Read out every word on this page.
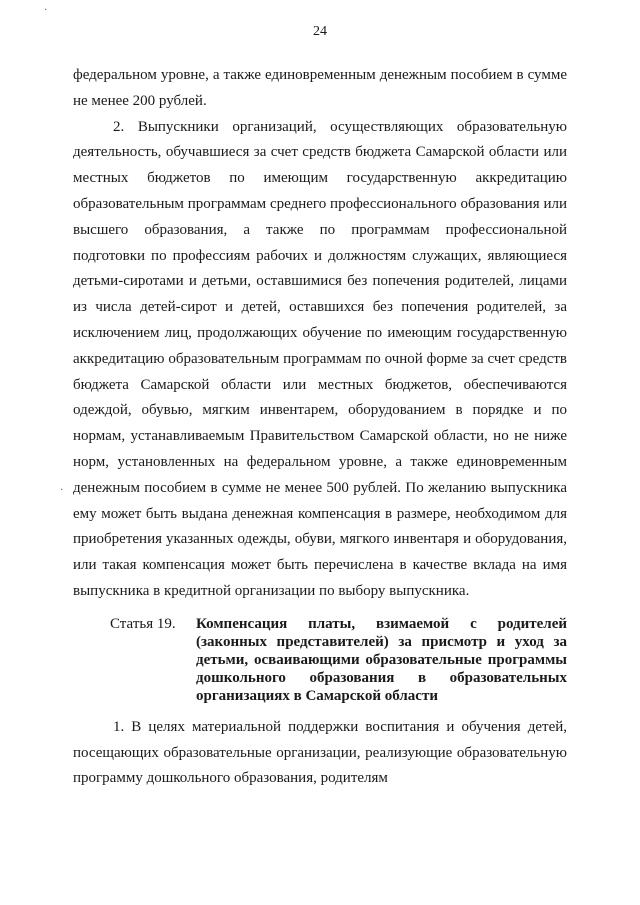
·
·
24

федеральном уровне, а также единовременным денежным пособием в сумме не менее 200 рублей.

2. Выпускники организаций, осуществляющих образовательную деятельность, обучавшиеся за счет средств бюджета Самарской области или местных бюджетов по имеющим государственную аккредитацию образовательным программам среднего профессионального образования или высшего образования, а также по программам профессиональной подготовки по профессиям рабочих и должностям служащих, являющиеся детьми-сиротами и детьми, оставшимися без попечения родителей, лицами из числа детей-сирот и детей, оставшихся без попечения родителей, за исключением лиц, продолжающих обучение по имеющим государственную аккредитацию образовательным программам по очной форме за счет средств бюджета Самарской области или местных бюджетов, обеспечиваются одеждой, обувью, мягким инвентарем, оборудованием в порядке и по нормам, устанавливаемым Правительством Самарской области, но не ниже норм, установленных на федеральном уровне, а также единовременным денежным пособием в сумме не менее 500 рублей. По желанию выпускника ему может быть выдана денежная компенсация в размере, необходимом для приобретения указанных одежды, обуви, мягкого инвентаря и оборудования, или такая компенсация может быть перечислена в качестве вклада на имя выпускника в кредитной организации по выбору выпускника.

Статья 19.	Компенсация платы, взимаемой с родителей (законных представителей) за присмотр и уход за детьми, осваивающими образовательные программы дошкольного образования в образовательных организациях в Самарской области

1. В целях материальной поддержки воспитания и обучения детей, посещающих образовательные организации, реализующие образовательную программу дошкольного образования, родителям
